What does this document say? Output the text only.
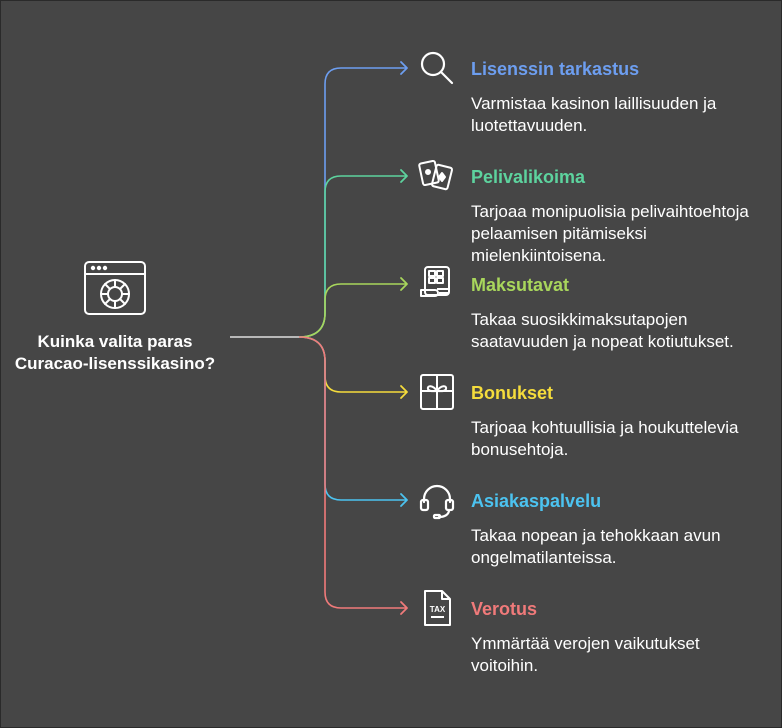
Kuinka valita paras Curacao-lisenssikasino?
Lisenssin tarkastus
Varmistaa kasinon laillisuuden ja luotettavuuden.
Pelivalikoima
Tarjoaa monipuolisia pelivaihtoehtoja pelaamisen pitämiseksi mielenkiintoisena.
Maksutavat
Takaa suosikkimaksutapojen saatavuuden ja nopeat kotiutukset.
Bonukset
Tarjoaa kohtuullisia ja houkuttelevia bonusehtoja.
Asiakaspalvelu
Takaa nopean ja tehokkaan avun ongelmatilanteissa.
TAX Verotus
Ymmärtää verojen vaikutukset voitoihin.
